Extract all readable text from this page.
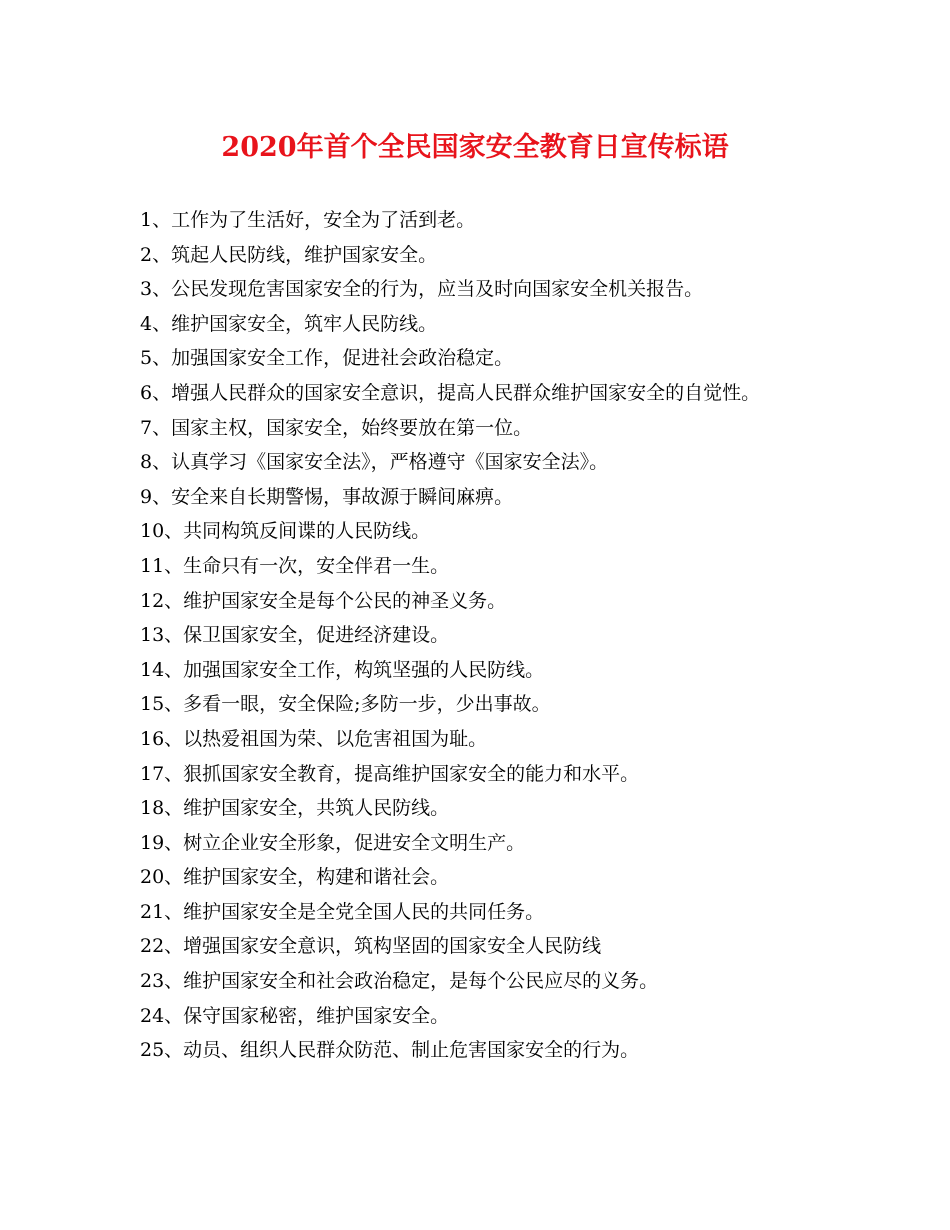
2020年首个全民国家安全教育日宣传标语
1、工作为了生活好，安全为了活到老。
2、筑起人民防线，维护国家安全。
3、公民发现危害国家安全的行为，应当及时向国家安全机关报告。
4、维护国家安全，筑牢人民防线。
5、加强国家安全工作，促进社会政治稳定。
6、增强人民群众的国家安全意识，提高人民群众维护国家安全的自觉性。
7、国家主权，国家安全，始终要放在第一位。
8、认真学习《国家安全法》，严格遵守《国家安全法》。
9、安全来自长期警惕，事故源于瞬间麻痹。
10、共同构筑反间谍的人民防线。
11、生命只有一次，安全伴君一生。
12、维护国家安全是每个公民的神圣义务。
13、保卫国家安全，促进经济建设。
14、加强国家安全工作，构筑坚强的人民防线。
15、多看一眼，安全保险;多防一步，少出事故。
16、以热爱祖国为荣、以危害祖国为耻。
17、狠抓国家安全教育，提高维护国家安全的能力和水平。
18、维护国家安全，共筑人民防线。
19、树立企业安全形象，促进安全文明生产。
20、维护国家安全，构建和谐社会。
21、维护国家安全是全党全国人民的共同任务。
22、增强国家安全意识，筑构坚固的国家安全人民防线
23、维护国家安全和社会政治稳定，是每个公民应尽的义务。
24、保守国家秘密，维护国家安全。
25、动员、组织人民群众防范、制止危害国家安全的行为。
